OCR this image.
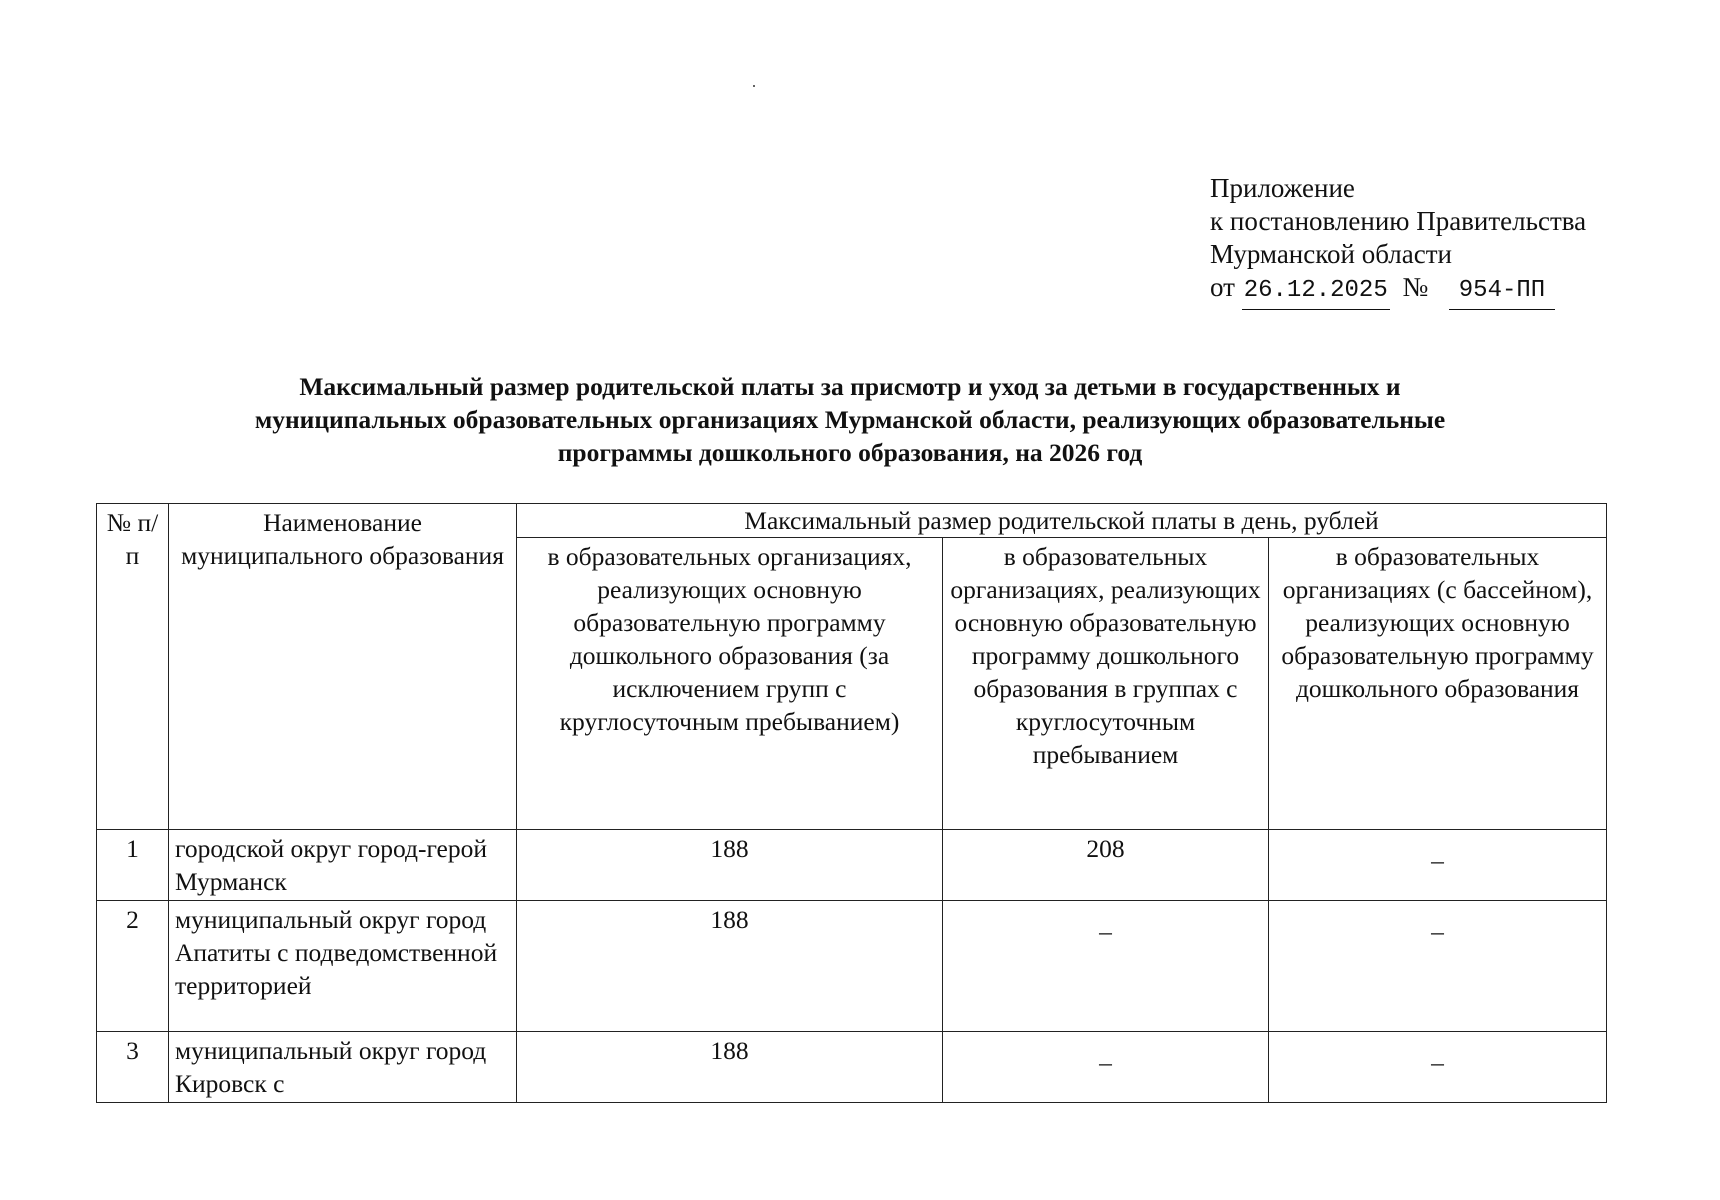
Приложение
к постановлению Правительства
Мурманской области
от 26.12.2025 № 954-ПП
Максимальный размер родительской платы за присмотр и уход за детьми в государственных и
муниципальных образовательных организациях Мурманской области, реализующих образовательные
программы дошкольного образования, на 2026 год
№ п/п	Наименование муниципального образования	Максимальный размер родительской платы в день, рублей		
		в образовательных организациях, реализующих основную образовательную программу дошкольного образования (за исключением групп с круглосуточным пребыванием)	в образовательных организациях, реализующих основную образовательную программу дошкольного образования в группах с круглосуточным пребыванием	в образовательных организациях (с бассейном), реализующих основную образовательную программу дошкольного образования
1	городской округ город-герой Мурманск	188	208	–
2	муниципальный округ город Апатиты с подведомственной территорией	188	–	–
3	муниципальный округ город Кировск с	188	–	–
